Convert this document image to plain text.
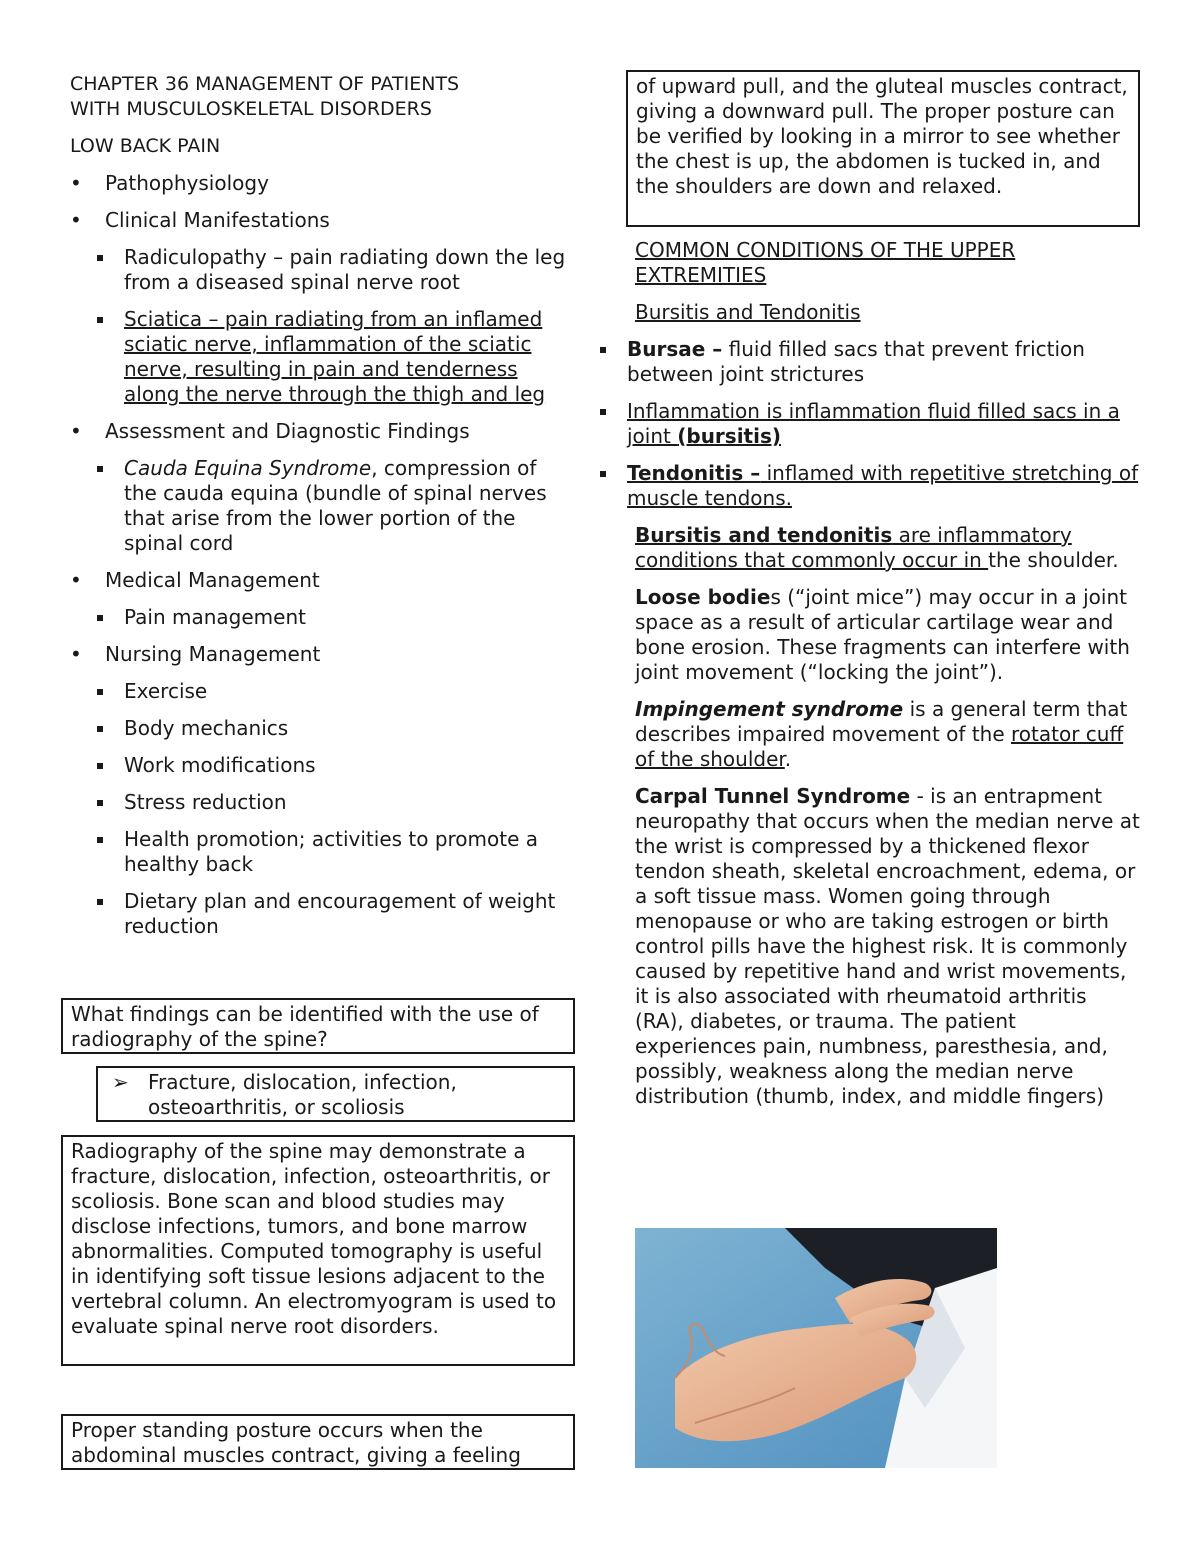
CHAPTER 36 MANAGEMENT OF PATIENTS
WITH MUSCULOSKELETAL DISORDERS

LOW BACK PAIN

• Pathophysiology
• Clinical Manifestations
Radiculopathy – pain radiating down the leg from a diseased spinal nerve root
Sciatica – pain radiating from an inflamed sciatic nerve, inflammation of the sciatic nerve, resulting in pain and tenderness along the nerve through the thigh and leg
• Assessment and Diagnostic Findings
Cauda Equina Syndrome, compression of the cauda equina (bundle of spinal nerves that arise from the lower portion of the spinal cord
• Medical Management
Pain management
• Nursing Management
Exercise
Body mechanics
Work modifications
Stress reduction
Health promotion; activities to promote a healthy back
Dietary plan and encouragement of weight reduction
What findings can be identified with the use of radiography of the spine?
➢ Fracture, dislocation, infection, osteoarthritis, or scoliosis
Radiography of the spine may demonstrate a fracture, dislocation, infection, osteoarthritis, or scoliosis. Bone scan and blood studies may disclose infections, tumors, and bone marrow abnormalities. Computed tomography is useful in identifying soft tissue lesions adjacent to the vertebral column. An electromyogram is used to evaluate spinal nerve root disorders.
Proper standing posture occurs when the abdominal muscles contract, giving a feeling
of upward pull, and the gluteal muscles contract, giving a downward pull. The proper posture can be verified by looking in a mirror to see whether the chest is up, the abdomen is tucked in, and the shoulders are down and relaxed.

COMMON CONDITIONS OF THE UPPER EXTREMITIES

Bursitis and Tendonitis

Bursae – fluid filled sacs that prevent friction between joint strictures
Inflammation is inflammation fluid filled sacs in a joint (bursitis)
Tendonitis – inflamed with repetitive stretching of muscle tendons.

Bursitis and tendonitis are inflammatory conditions that commonly occur in the shoulder.

Loose bodies (“joint mice”) may occur in a joint space as a result of articular cartilage wear and bone erosion. These fragments can interfere with joint movement (“locking the joint”).

Impingement syndrome is a general term that describes impaired movement of the rotator cuff of the shoulder.

Carpal Tunnel Syndrome - is an entrapment neuropathy that occurs when the median nerve at the wrist is compressed by a thickened flexor tendon sheath, skeletal encroachment, edema, or a soft tissue mass. Women going through menopause or who are taking estrogen or birth control pills have the highest risk. It is commonly caused by repetitive hand and wrist movements, it is also associated with rheumatoid arthritis (RA), diabetes, or trauma. The patient experiences pain, numbness, paresthesia, and, possibly, weakness along the median nerve distribution (thumb, index, and middle fingers)
